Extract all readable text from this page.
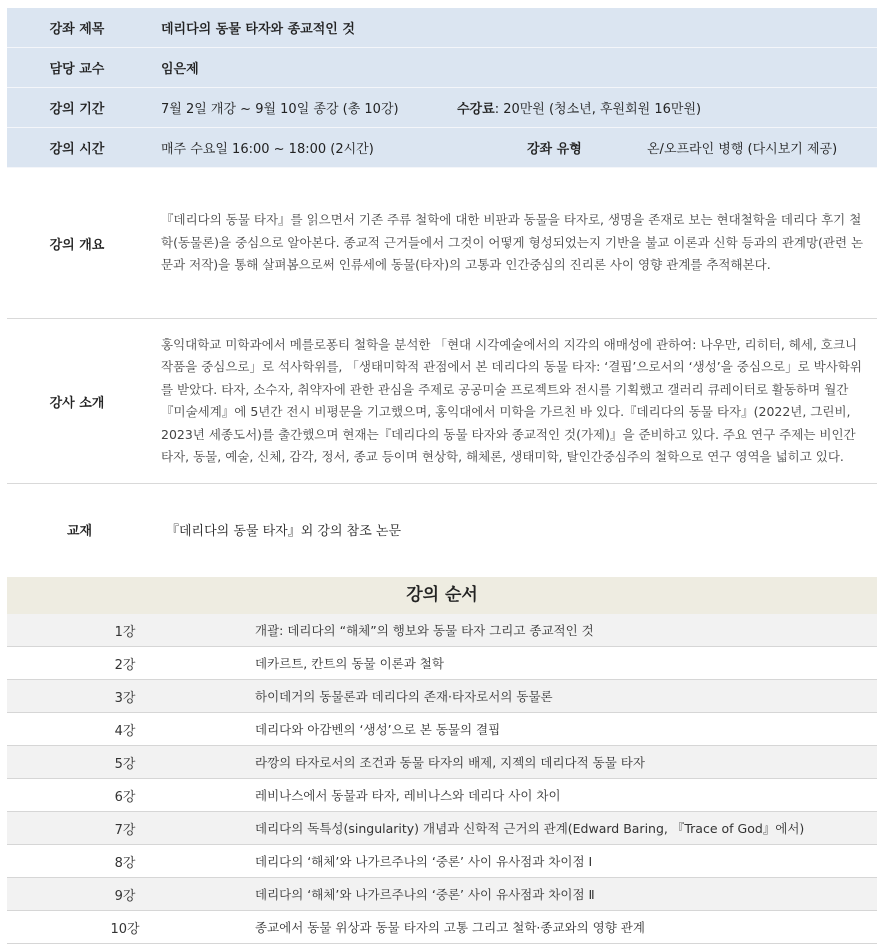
강좌 제목	데리다의 동물 타자와 종교적인 것
담당 교수	임은제
강의 기간	7월 2일 개강 ~ 9월 10일 종강 (총 10강)	수강료: 20만원 (청소년, 후원회원 16만원)
강의 시간	매주 수요일 16:00 ~ 18:00 (2시간)	강좌 유형	온/오프라인 병행 (다시보기 제공)
강의 개요
『데리다의 동물 타자』를 읽으면서 기존 주류 철학에 대한 비판과 동물을 타자로, 생명을 존재로 보는 현대철학을 데리다 후기 철학(동물론)을 중심으로 알아본다. 종교적 근거들에서 그것이 어떻게 형성되었는지 기반을 불교 이론과 신학 등과의 관계망(관련 논문과 저작)을 통해 살펴봄으로써 인류세에 동물(타자)의 고통과 인간중심의 진리론 사이 영향 관계를 추적해본다.
강사 소개
홍익대학교 미학과에서 메를로퐁티 철학을 분석한 「현대 시각예술에서의 지각의 애매성에 관하여: 나우만, 리히터, 헤세, 호크니 작품을 중심으로」로 석사학위를, 「생태미학적 관점에서 본 데리다의 동물 타자: ‘결핍’으로서의 ‘생성’을 중심으로」로 박사학위를 받았다. 타자, 소수자, 취약자에 관한 관심을 주제로 공공미술 프로젝트와 전시를 기획했고 갤러리 큐레이터로 활동하며 월간『미술세계』에 5년간 전시 비평문을 기고했으며, 홍익대에서 미학을 가르친 바 있다.『데리다의 동물 타자』(2022년, 그린비, 2023년 세종도서)를 출간했으며 현재는『데리다의 동물 타자와 종교적인 것(가제)』을 준비하고 있다. 주요 연구 주제는 비인간 타자, 동물, 예술, 신체, 감각, 정서, 종교 등이며 현상학, 해체론, 생태미학, 탈인간중심주의 철학으로 연구 영역을 넓히고 있다.
교재	『데리다의 동물 타자』외 강의 참조 논문
강의 순서
1강	개괄: 데리다의 “해체”의 행보와 동물 타자 그리고 종교적인 것
2강	데카르트, 칸트의 동물 이론과 철학
3강	하이데거의 동물론과 데리다의 존재·타자로서의 동물론
4강	데리다와 아감벤의 ‘생성’으로 본 동물의 결핍
5강	라깡의 타자로서의 조건과 동물 타자의 배제, 지젝의 데리다적 동물 타자
6강	레비나스에서 동물과 타자, 레비나스와 데리다 사이 차이
7강	데리다의 독특성(singularity) 개념과 신학적 근거의 관계(Edward Baring, 『Trace of God』에서)
8강	데리다의 ‘해체’와 나가르주나의 ‘중론’ 사이 유사점과 차이점 Ⅰ
9강	데리다의 ‘해체’와 나가르주나의 ‘중론’ 사이 유사점과 차이점 Ⅱ
10강	종교에서 동물 위상과 동물 타자의 고통 그리고 철학·종교와의 영향 관계
